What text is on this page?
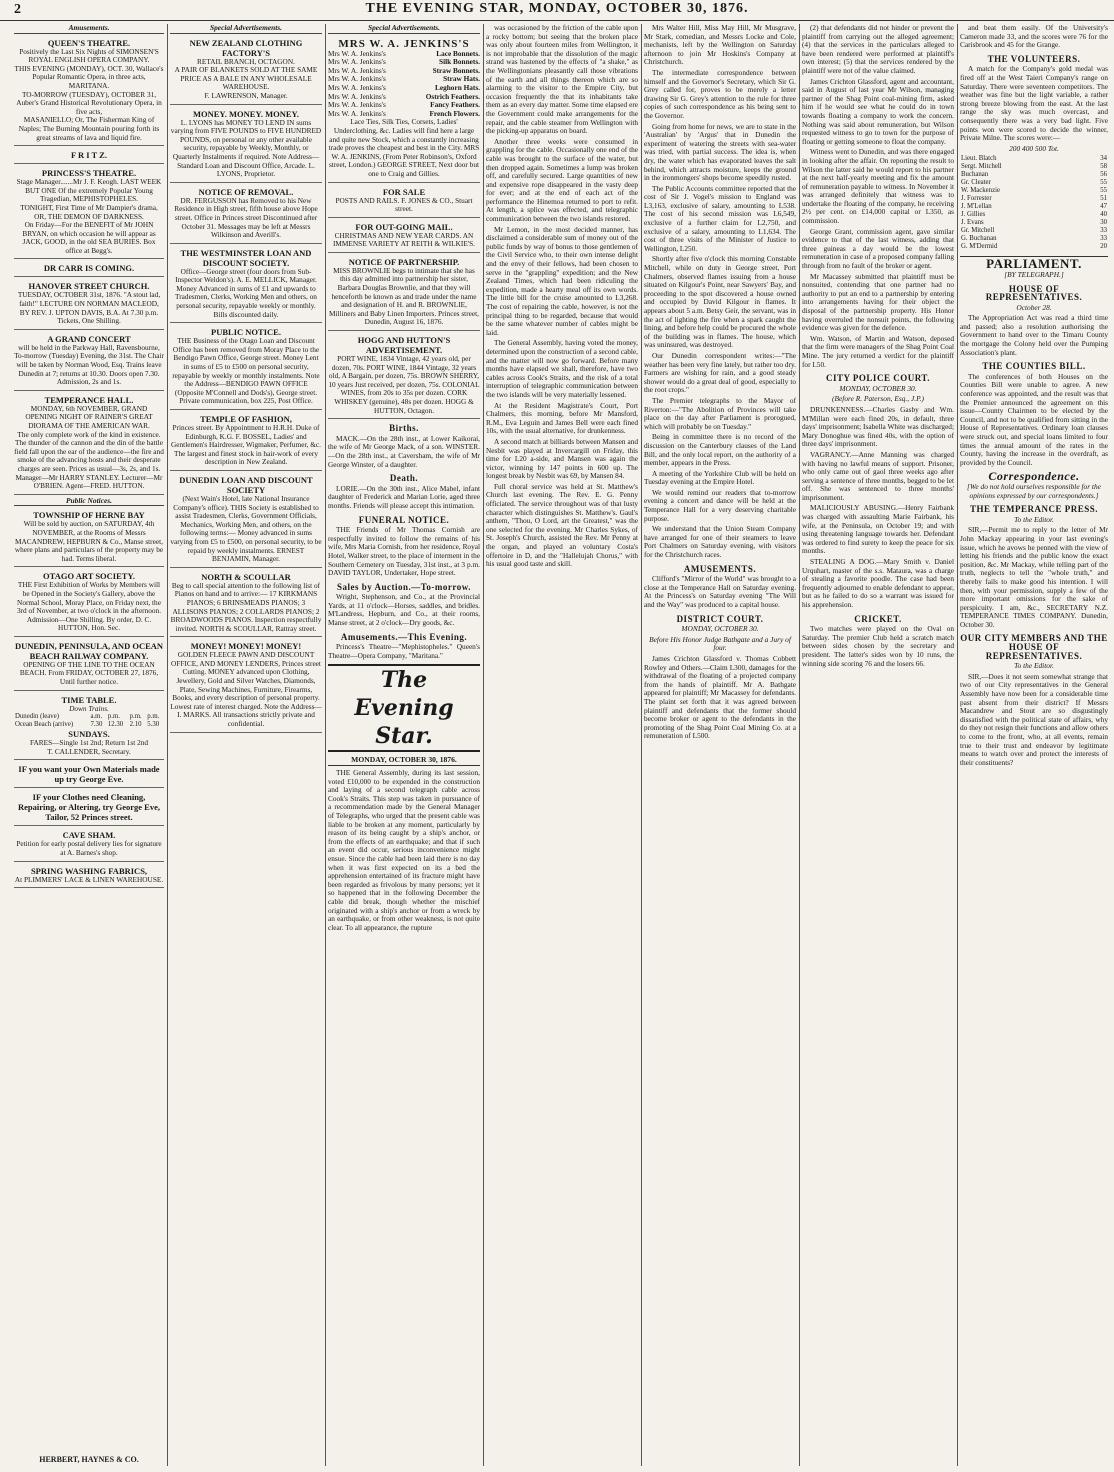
2	THE EVENING STAR, MONDAY, OCTOBER 30, 1876.
Amusements.

QUEEN'S THEATRE.

Positively the Last Six Nights of SIMONSEN'S ROYAL ENGLISH OPERA COMPANY.

THIS EVENING (MONDAY), OCT. 30, Wallace's Popular Romantic Opera, in three acts,

MARITANA.

TO-MORROW (TUESDAY), OCTOBER 31, Auber's Grand Historical Revolutionary Opera, in five acts,

MASANIELLO; Or, The Fisherman King of Naples; The Burning Mountain pouring forth its great streams of lava and liquid fire.

F R I T Z.

PRINCESS'S THEATRE.

Stage Manager.......Mr J. F. Keogh. LAST WEEK BUT ONE Of the extremely Popular Young Tragedian, MEPHISTOPHELES.

TONIGHT, First Time of Mr Dampier's drama, OR, THE DEMON OF DARKNESS.

On Friday—For the BENEFIT of Mr JOHN BRYAN, on which occasion he will appear as JACK, GOOD, in the old SEA BURIES. Box office at Begg's.

DR CARR IS COMING.

HANOVER STREET CHURCH.

TUESDAY, OCTOBER 31st, 1876. "A stout lad, faith!" LECTURE ON NORMAN MACLEOD, BY REV. J. UPTON DAVIS, B.A. At 7.30 p.m. Tickets, One Shilling.

A GRAND CONCERT

will be held in the Parkway Hall, Ravensbourne, To-morrow (Tuesday) Evening, the 31st. The Chair will be taken by Norman Wood, Esq. Trains leave Dunedin at 7; returns at 10.30. Doors open 7.30. Admission, 2s and 1s.

TEMPERANCE HALL.

MONDAY, 6th NOVEMBER, GRAND OPENING NIGHT OF RAINER'S GREAT DIORAMA OF THE AMERICAN WAR.

The only complete work of the kind in existence. The thunder of the cannon and the din of the battle field fall upon the ear of the audience—the fire and smoke of the advancing hosts and their desperate charges are seen. Prices as usual—3s, 2s, and 1s. Manager—Mr HARRY STANLEY. Lecturer—Mr O'BRIEN. Agent—FRED. HUTTON.

Public Notices.

TOWNSHIP OF HERNE BAY

Will be sold by auction, on SATURDAY, 4th NOVEMBER, at the Rooms of Messrs MACANDREW, HEPBURN & Co., Manse street, where plans and particulars of the property may be had. Terms liberal.

OTAGO ART SOCIETY.

THE First Exhibition of Works by Members will be Opened in the Society's Gallery, above the Normal School, Moray Place, on Friday next, the 3rd of November, at two o'clock in the afternoon. Admission—One Shilling. By order, D. C. HUTTON, Hon. Sec.

DUNEDIN, PENINSULA, AND OCEAN BEACH RAILWAY COMPANY.

OPENING OF THE LINE TO THE OCEAN BEACH. From FRIDAY, OCTOBER 27, 1876, Until further notice.

TIME TABLE.

Down Trains.

Dunedin (leave)	a.m.	p.m.	p.m.	p.m.
Ocean Beach (arrive)	7.30	12.30	2.10	5.30

SUNDAYS.

FARES—Single 1st 2nd; Return 1st 2nd

T. CALLENDER, Secretary.

IF you want your Own Materials made up try George Eve.

IF your Clothes need Cleaning, Repairing, or Altering, try George Eve, Tailor, 52 Princes street.

CAVE SHAM.

Petition for early postal delivery lies for signature at A. Barnes's shop.

SPRING WASHING FABRICS,

At PLIMMERS' LACE & LINEN WAREHOUSE.

HERBERT, HAYNES & CO.
Special Advertisements.

NEW ZEALAND CLOTHING FACTORY'S

RETAIL BRANCH, OCTAGON.

A PAIR OF BLANKETS SOLD AT THE SAME PRICE AS A BALE IN ANY WHOLESALE WAREHOUSE.

F. LAWRENSON, Manager.

MONEY. MONEY. MONEY.

L. LYONS has MONEY TO LEND IN sums varying from FIVE POUNDS to FIVE HUNDRED POUNDS, on personal or any other available security, repayable by Weekly, Monthly, or Quarterly Instalments if required. Note Address—Standard Loan and Discount Office, Arcade. L. LYONS, Proprietor.

NOTICE OF REMOVAL.

DR. FERGUSSON has Removed to his New Residence in High street, fifth house above Hope street. Office in Princes street Discontinued after October 31. Messages may be left at Messrs Wilkinson and Averill's.

THE WESTMINSTER LOAN AND DISCOUNT SOCIETY.

Office—George street (four doors from Sub-Inspector Weldon's). A. E. MELLICK, Manager. Money Advanced in sums of £1 and upwards to Tradesmen, Clerks, Working Men and others, on personal security, repayable weekly or monthly. Bills discounted daily.

PUBLIC NOTICE.

THE Business of the Otago Loan and Discount Office has been removed from Moray Place to the Bendigo Pawn Office, George street. Money Lent in sums of £5 to £500 on personal security, repayable by weekly or monthly instalments. Note the Address—BENDIGO PAWN OFFICE (Opposite M'Connell and Dods's), George street. Private communication, box 225, Post Office.

TEMPLE OF FASHION,

Princes street. By Appointment to H.R.H. Duke of Edinburgh, K.G. F. BOSSEL, Ladies' and Gentlemen's Hairdresser, Wigmaker, Perfumer, &c. The largest and finest stock in hair-work of every description in New Zealand.

DUNEDIN LOAN AND DISCOUNT SOCIETY

(Next Wain's Hotel, late National Insurance Company's office). THIS Society is established to assist Tradesmen, Clerks, Government Officials, Mechanics, Working Men, and others, on the following terms:— Money advanced in sums varying from £5 to £500, on personal security, to be repaid by weekly instalments. ERNEST BENJAMIN, Manager.

NORTH & SCOULLAR

Beg to call special attention to the following list of Pianos on hand and to arrive:— 17 KIRKMANS PIANOS; 6 BRINSMEADS PIANOS; 3 ALLISONS PIANOS; 2 COLLARDS PIANOS; 2 BROADWOODS PIANOS. Inspection respectfully invited. NORTH & SCOULLAR, Rattray street.

MONEY! MONEY! MONEY!

GOLDEN FLEECE PAWN AND DISCOUNT OFFICE, AND MONEY LENDERS, Princes street Cutting. MONEY advanced upon Clothing, Jewellery, Gold and Silver Watches, Diamonds, Plate, Sewing Machines, Furniture, Firearms, Books, and every description of personal property. Lowest rate of interest charged. Note the Address—I. MARKS. All transactions strictly private and confidential.

Special Advertisements.

MRS W. A. JENKINS'S

Mrs W. A. Jenkins's	Lace Bonnets.
Mrs W. A. Jenkins's	Silk Bonnets.
Mrs W. A. Jenkins's	Straw Bonnets.
Mrs W. A. Jenkins's	Straw Hats.
Mrs W. A. Jenkins's	Leghorn Hats.
Mrs W. A. Jenkins's	Ostrich Feathers.
Mrs W. A. Jenkins's	Fancy Feathers.
Mrs W. A. Jenkins's	French Flowers.

Lace Ties, Silk Ties, Corsets, Ladies' Underclothing, &c. Ladies will find here a large and quite new Stock, which a constantly increasing trade proves the cheapest and best in the City. MRS W. A. JENKINS, (From Peter Robinson's, Oxford street, London.) GEORGE STREET, Next door but one to Craig and Gillies.

FOR SALE

POSTS AND RAILS. F. JONES & CO., Stuart street.

FOR OUT-GOING MAIL.

CHRISTMAS AND NEW YEAR CARDS. AN IMMENSE VARIETY AT REITH & WILKIE'S.

NOTICE OF PARTNERSHIP.

MISS BROWNLIE begs to intimate that she has this day admitted into partnership her sister, Barbara Douglas Brownlie, and that they will henceforth be known as and trade under the name and designation of H. and R. BROWNLIE, Milliners and Baby Linen Importers. Princes street, Dunedin, August 16, 1876.

HOGG AND HUTTON'S ADVERTISEMENT.

PORT WINE, 1834 Vintage, 42 years old, per dozen, 70s. PORT WINE, 1844 Vintage, 32 years old, A Bargain, per dozen, 75s. BROWN SHERRY, 10 years Just received, per dozen, 75s. COLONIAL WINES, from 20s to 35s per dozen. CORK WHISKEY (genuine), 48s per dozen. HOGG & HUTTON, Octagon.

Births.

MACK.—On the 28th inst., at Lower Kaikorai, the wife of Mr George Mack, of a son. WINSTER.—On the 28th inst., at Caversham, the wife of Mr George Winster, of a daughter.

Death.

LORIE.—On the 30th inst., Alice Mabel, infant daughter of Frederick and Marian Lorie, aged three months. Friends will please accept this intimation.

FUNERAL NOTICE.

THE Friends of Mr Thomas Cornish are respectfully invited to follow the remains of his wife, Mrs Maria Cornish, from her residence, Royal Hotel, Walker street, to the place of interment in the Southern Cemetery on Tuesday, 31st inst., at 3 p.m. DAVID TAYLOR, Undertaker, Hope street.

Sales by Auction.—To-morrow.

Wright, Stephenson, and Co., at the Provincial Yards, at 11 o'clock—Horses, saddles, and bridles. M'Landress, Hepburn, and Co., at their rooms, Manse street, at 2 o'clock—Dry goods, &c.

Amusements.—This Evening.

Princess's Theatre—"Mephistopheles." Queen's Theatre—Opera Company, "Maritana."

The Evening Star.
MONDAY, OCTOBER 30, 1876.

THE General Assembly, during its last session, voted £10,000 to be expended in the construction and laying of a second telegraph cable across Cook's Straits. This step was taken in pursuance of a recommendation made by the General Manager of Telegraphs, who urged that the present cable was liable to be broken at any moment, particularly by reason of its being caught by a ship's anchor, or from the effects of an earthquake; and that if such an event did occur, serious inconvenience might ensue. Since the cable had been laid there is no day when it was first expected on its a bed the apprehension entertained of its fracture might have been regarded as frivolous by many persons; yet it so happened that in the following December the cable did break, though whether the mischief originated with a ship's anchor or from a wreck by an earthquake, or from other weakness, is not quite clear. To all appearance, the rupture

was occasioned by the friction of the cable upon a rocky bottom; but seeing that the broken place was only about fourteen miles from Wellington, it is not improbable that the dissolution of the magic strand was hastened by the effects of "a shake," as the Wellingtonians pleasantly call those vibrations of the earth and all things thereon which are so alarming to the visitor to the Empire City, but occasion frequently the that its inhabitants take them as an every day matter. Some time elapsed ere the Government could make arrangements for the repair, and the cable steamer from Wellington with the picking-up apparatus on board.

Another three weeks were consumed in grappling for the cable. Occasionally one end of the cable was brought to the surface of the water, but then dropped again. Sometimes a lump was broken off, and carefully secured. Large quantities of new and expensive rope disappeared in the vasty deep for ever; and at the end of each act of the performance the Hinemoa returned to port to refit. At length, a splice was effected, and telegraphic communication between the two islands restored.

Mr Lemon, in the most decided manner, has disclaimed a considerable sum of money out of the public funds by way of bonus to those gentlemen of the Civil Service who, to their own intense delight and the envy of their fellows, had been chosen to serve in the "grappling" expedition; and the New Zealand Times, which had been ridiculing the expedition, made a hearty meal off its own words. The little bill for the cruise amounted to L3,268. The cost of repairing the cable, however, is not the principal thing to be regarded, because that would be the same whatever number of cables might be laid.

The General Assembly, having voted the money, determined upon the construction of a second cable, and the matter will now go forward. Before many months have elapsed we shall, therefore, have two cables across Cook's Straits, and the risk of a total interruption of telegraphic communication between the two islands will be very materially lessened.

At the Resident Magistrate's Court, Port Chalmers, this morning, before Mr Mansford, R.M., Eva Leguin and James Bell were each fined 10s, with the usual alternative, for drunkenness.

A second match at billiards between Mansen and Nesbit was played at Invercargill on Friday, this time for L20 a-side, and Mansen was again the victor, winning by 147 points in 600 up. The longest break by Nesbit was 69, by Mansen 84.

Full choral service was held at St. Matthew's Church last evening. The Rev. E. G. Penny officiated. The service throughout was of that lusty character which distinguishes St. Matthew's. Gaul's anthem, "Thou, O Lord, art the Greatest," was the one selected for the evening. Mr Charles Sykes, of St. Joseph's Church, assisted the Rev. Mr Penny at the organ, and played an voluntary Costa's offertoire in D, and the "Hallelujah Chorus," with his usual good taste and skill.

Mrs Walter Hill, Miss May Hill, Mr Musgrave, Mr Stark, comedian, and Messrs Locke and Cole, mechanists, left by the Wellington on Saturday afternoon to join Mr Hoskins's Company at Christchurch.

The intermediate correspondence between himself and the Governor's Secretary, which Sir G. Grey called for, proves to be merely a letter drawing Sir G. Grey's attention to the rule for three copies of such correspondence as his being sent to the Governor.

Going from home for news, we are to state in the 'Australian' by 'Argus' that in Dunedin the experiment of watering the streets with sea-water was tried, with partial success. The idea is, when dry, the water which has evaporated leaves the salt behind, which attracts moisture, keeps the ground in the ironmongers' shops become speedily rusted.

The Public Accounts committee reported that the cost of Sir J. Vogel's mission to England was L3,163, exclusive of salary, amounting to L538. The cost of his second mission was L6,549, exclusive of a further claim for L2,750, and exclusive of a salary, amounting to L1,634. The cost of three visits of the Minister of Justice to Wellington, L250.

Shortly after five o'clock this morning Constable Mitchell, while on duty in George street, Port Chalmers, observed flames issuing from a house situated on Kilgour's Point, near Sawyers' Bay, and proceeding to the spot discovered a house owned and occupied by David Kilgour in flames. It appears about 5 a.m. Betsy Geir, the servant, was in the act of lighting the fire when a spark caught the lining, and before help could be procured the whole of the building was in flames. The house, which was uninsured, was destroyed.

Our Dunedin correspondent writes:—"The weather has been very fine lately, but rather too dry. Farmers are wishing for rain, and a good steady shower would do a great deal of good, especially to the root crops."

The Premier telegraphs to the Mayor of Riverton:—"The Abolition of Provinces will take place on the day after Parliament is prorogued, which will probably be on Tuesday."

Being in committee there is no record of the discussion on the Canterbury clauses of the Land Bill, and the only local report, on the authority of a member, appears in the Press.

A meeting of the Yorkshire Club will be held on Tuesday evening at the Empire Hotel.

We would remind our readers that to-morrow evening a concert and dance will be held at the Temperance Hall for a very deserving charitable purpose.

We understand that the Union Steam Company have arranged for one of their steamers to leave Port Chalmers on Saturday evening, with visitors for the Christchurch races.

AMUSEMENTS.

Clifford's "Mirror of the World" was brought to a close at the Temperance Hall on Saturday evening. At the Princess's on Saturday evening "The Will and the Way" was produced to a capital house.

DISTRICT COURT.
MONDAY, OCTOBER 30.
Before His Honor Judge Bathgate and a Jury of four.

James Crichton Glassford v. Thomas Cobbett Rowley and Others.—Claim L300, damages for the withdrawal of the floating of a projected company from the hands of plaintiff. Mr A. Bathgate appeared for plaintiff; Mr Macassey for defendants. The plaint set forth that it was agreed between plaintiff and defendants that the former should become broker or agent to the defendants in the promoting of the Shag Point Coal Mining Co. at a remuneration of L500.

(2) that defendants did not hinder or prevent the plaintiff from carrying out the alleged agreement; (4) that the services in the particulars alleged to have been rendered were performed at plaintiff's own interest; (5) that the services rendered by the plaintiff were not of the value claimed.

James Crichton Glassford, agent and accountant, said in August of last year Mr Wilson, managing partner of the Shag Point coal-mining firm, asked him if he would see what he could do in town towards floating a company to work the concern. Nothing was said about remuneration, but Wilson requested witness to go to town for the purpose of floating or getting someone to float the company.

Witness went to Dunedin, and was there engaged in looking after the affair. On reporting the result to Wilson the latter said he would report to his partner at the next half-yearly meeting and fix the amount of remuneration payable to witness. In November it was arranged definitely that witness was to undertake the floating of the company, he receiving 2½ per cent. on £14,000 capital or L350, as commission.

George Grant, commission agent, gave similar evidence to that of the last witness, adding that three guineas a day would be the lowest remuneration in case of a proposed company falling through from no fault of the broker or agent.

Mr Macassey submitted that plaintiff must be nonsuited, contending that one partner had no authority to put an end to a partnership by entering into arrangements having for their object the disposal of the partnership property. His Honor having overruled the nonsuit points, the following evidence was given for the defence.

Wm. Watson, of Martin and Watson, deposed that the firm were managers of the Shag Point Coal Mine. The jury returned a verdict for the plaintiff for L50.

CITY POLICE COURT.
MONDAY, OCTOBER 30.
(Before R. Paterson, Esq., J.P.)

DRUNKENNESS.—Charles Gasby and Wm. M'Millan were each fined 20s, in default, three days' imprisonment; Isabella White was discharged; Mary Donoghue was fined 40s, with the option of three days' imprisonment.

VAGRANCY.—Anne Manning was charged with having no lawful means of support. Prisoner, who only came out of gaol three weeks ago after serving a sentence of three months, begged to be let off. She was sentenced to three months' imprisonment.

MALICIOUSLY ABUSING.—Henry Fairbank was charged with assaulting Marie Fairbank, his wife, at the Peninsula, on October 19; and with using threatening language towards her. Defendant was ordered to find surety to keep the peace for six months.

STEALING A DOG.—Mary Smith v. Daniel Urquhart, master of the s.s. Mataura, was a charge of stealing a favorite poodle. The case had been frequently adjourned to enable defendant to appear, but as he failed to do so a warrant was issued for his apprehension.

CRICKET.

Two matches were played on the Oval on Saturday. The premier Club held a scratch match between sides chosen by the secretary and president. The latter's sides won by 10 runs, the winning side scoring 76 and the losers 66.

and beat them easily. Of the University's Cameron made 33, and the scores were 76 for the Carisbrook and 45 for the Grange.

THE VOLUNTEERS.

A match for the Company's gold medal was fired off at the West Taieri Company's range on Saturday. There were seventeen competitors. The weather was fine but the light variable, a rather strong breeze blowing from the east. At the last range the sky was much overcast, and consequently there was a very bad light. Five points won were scored to decide the winner, Private Milne. The scores were:—

200 400 500 Tot.
Lieut. Blatch	34
Sergt. Mitchell	58
Buchanan	56
Gr. Cleater	55
W. Mackenzie	55
J. Forrester	51
J. M'Lellan	47
J. Gillies	40
J. Evans	30
Gr. Mitchell	33
G. Buchanan	33
G. M'Dermid	20
PARLIAMENT.
[BY TELEGRAPH.]
HOUSE OF REPRESENTATIVES.
October 28.

The Appropriation Act was read a third time and passed; also a resolution authorising the Government to hand over to the Timaru County the mortgage the Colony held over the Pumping Association's plant.

THE COUNTIES BILL.

The conferences of both Houses on the Counties Bill were unable to agree. A new conference was appointed, and the result was that the Premier announced the agreement on this issue—County Chairmen to be elected by the Council, and not to be qualified from sitting in the House of Representatives. Ordinary loan clauses were struck out, and special loans limited to four times the annual amount of the rates in the County, having the increase in the overdraft, as provided by the Council.

Correspondence.
[We do not hold ourselves responsible for the opinions expressed by our correspondents.]
THE TEMPERANCE PRESS.
To the Editor.

SIR,—Permit me to reply to the letter of Mr John Mackay appearing in your last evening's issue, which he avows he penned with the view of letting his friends and the public know the exact position, &c. Mr Mackay, while telling part of the truth, neglects to tell the "whole truth," and thereby fails to make good his intention. I will then, with your permission, supply a few of the more important omissions for the sake of perspicuity. I am, &c., SECRETARY N.Z. TEMPERANCE TIMES COMPANY. Dunedin, October 30.

OUR CITY MEMBERS AND THE HOUSE OF REPRESENTATIVES.
To the Editor.

SIR,—Does it not seem somewhat strange that two of our City representatives in the General Assembly have now been for a considerable time past absent from their district? If Messrs Macandrew and Stout are so disgustingly dissatisfied with the political state of affairs, why do they not resign their functions and allow others to come to the front, who, at all events, remain true to their trust and endeavor by legitimate means to watch over and protect the interests of their constituents?
